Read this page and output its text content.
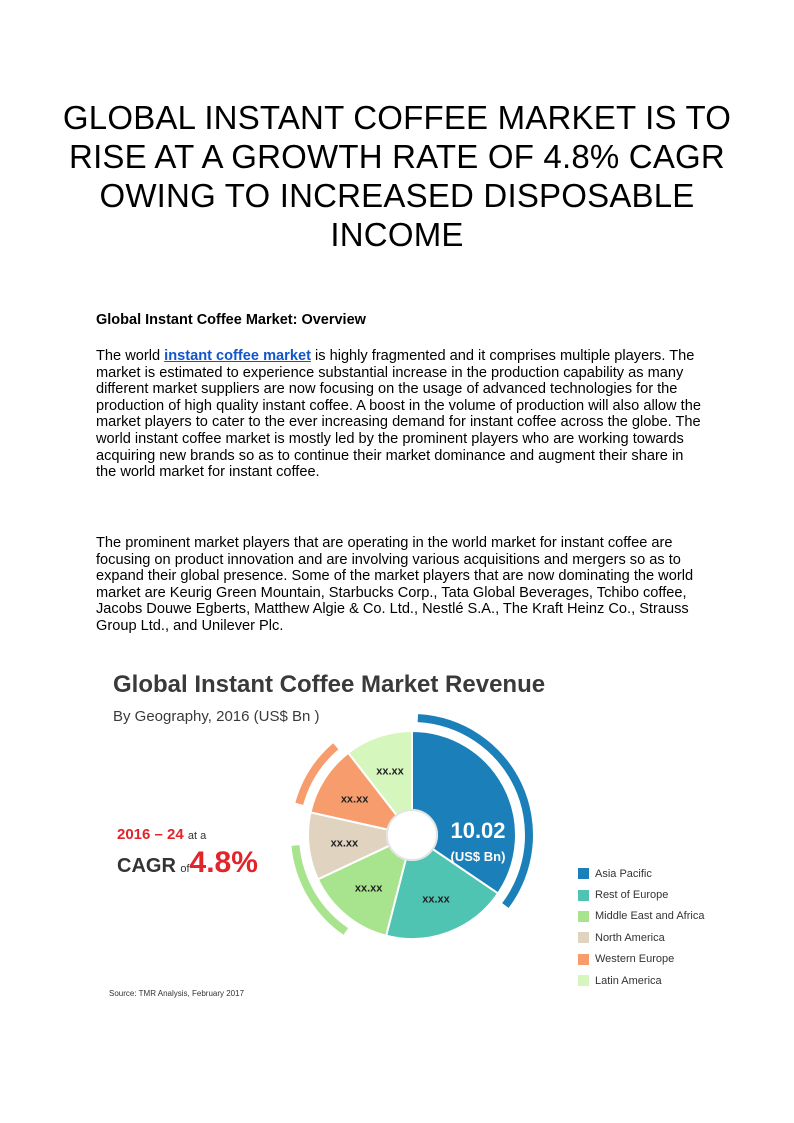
GLOBAL INSTANT COFFEE MARKET IS TO RISE AT A GROWTH RATE OF 4.8% CAGR OWING TO INCREASED DISPOSABLE INCOME
Global Instant Coffee Market: Overview

The world instant coffee market is highly fragmented and it comprises multiple players. The market is estimated to experience substantial increase in the production capability as many different market suppliers are now focusing on the usage of advanced technologies for the production of high quality instant coffee. A boost in the volume of production will also allow the market players to cater to the ever increasing demand for instant coffee across the globe. The world instant coffee market is mostly led by the prominent players who are working towards acquiring new brands so as to continue their market dominance and augment their share in the world market for instant coffee.

The prominent market players that are operating in the world market for instant coffee are focusing on product innovation and are involving various acquisitions and mergers so as to expand their global presence. Some of the market players that are now dominating the world market are Keurig Green Mountain, Starbucks Corp., Tata Global Beverages, Tchibo coffee, Jacobs Douwe Egberts, Matthew Algie & Co. Ltd., Nestlé S.A., The Kraft Heinz Co., Strauss Group Ltd., and Unilever Plc.

Global Instant Coffee Market Revenue
By Geography, 2016 (US$ Bn )
2016 – 24 at a
CAGR of4.8%
xx.xx
xx.xx
xx.xx
xx.xx
xx.xx
10.02
(US$ Bn)
Asia Pacific
Rest of Europe
Middle East and Africa
North America
Western Europe
Latin America
Source: TMR Analysis, February 2017
